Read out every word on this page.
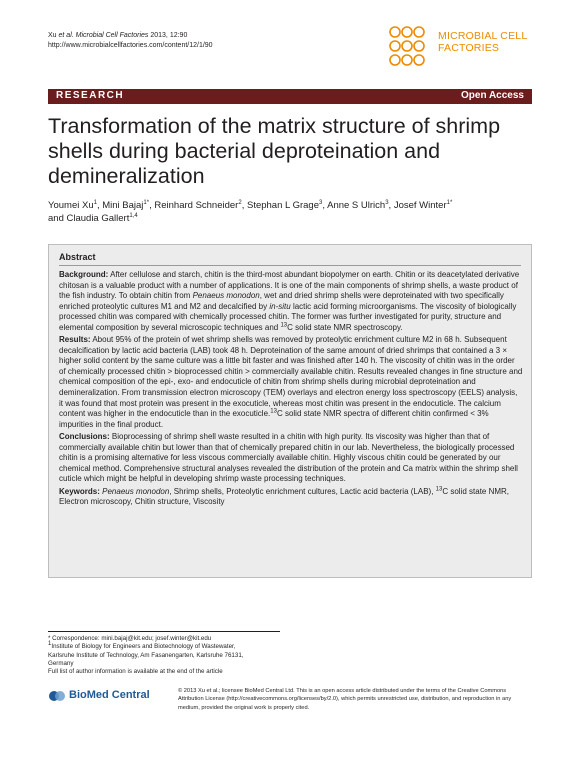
Xu et al. Microbial Cell Factories 2013, 12:90
http://www.microbialcellfactories.com/content/12/1/90
MICROBIAL CELL
FACTORIES
RESEARCH	Open Access
Transformation of the matrix structure of shrimp shells during bacterial deproteination and demineralization
Youmei Xu$^1$, Mini Bajaj$^{1*}$, Reinhard Schneider$^2$, Stephan L Grage$^3$, Anne S Ulrich$^3$, Josef Winter$^{1*}$
and Claudia Gallert$^{1,4}$
Abstract

Background: After cellulose and starch, chitin is the third-most abundant biopolymer on earth. Chitin or its deacetylated derivative chitosan is a valuable product with a number of applications. It is one of the main components of shrimp shells, a waste product of the fish industry. To obtain chitin from Penaeus monodon, wet and dried shrimp shells were deproteinated with two specifically enriched proteolytic cultures M1 and M2 and decalcified by in-situ lactic acid forming microorganisms. The viscosity of biologically processed chitin was compared with chemically processed chitin. The former was further investigated for purity, structure and elemental composition by several microscopic techniques and $^{13}$C solid state NMR spectroscopy.

Results: About 95% of the protein of wet shrimp shells was removed by proteolytic enrichment culture M2 in 68 h. Subsequent decalcification by lactic acid bacteria (LAB) took 48 h. Deproteination of the same amount of dried shrimps that contained a 3 × higher solid content by the same culture was a little bit faster and was finished after 140 h. The viscosity of chitin was in the order of chemically processed chitin > bioprocessed chitin > commercially available chitin. Results revealed changes in fine structure and chemical composition of the epi-, exo- and endocuticle of chitin from shrimp shells during microbial deproteination and demineralization. From transmission electron microscopy (TEM) overlays and electron energy loss spectroscopy (EELS) analysis, it was found that most protein was present in the exocuticle, whereas most chitin was present in the endocuticle. The calcium content was higher in the endocuticle than in the exocuticle.$^{13}$C solid state NMR spectra of different chitin confirmed < 3% impurities in the final product.

Conclusions: Bioprocessing of shrimp shell waste resulted in a chitin with high purity. Its viscosity was higher than that of commercially available chitin but lower than that of chemically prepared chitin in our lab. Nevertheless, the biologically processed chitin is a promising alternative for less viscous commercially available chitin. Highly viscous chitin could be generated by our chemical method. Comprehensive structural analyses revealed the distribution of the protein and Ca matrix within the shrimp shell cuticle which might be helpful in developing shrimp waste processing techniques.

Keywords: Penaeus monodon, Shrimp shells, Proteolytic enrichment cultures, Lactic acid bacteria (LAB), $^{13}$C solid state NMR, Electron microscopy, Chitin structure, Viscosity

* Correspondence: mini.bajaj@kit.edu; josef.winter@kit.edu
$^1$Institute of Biology for Engineers and Biotechnology of Wastewater,
Karlsruhe Institute of Technology, Am Fasanengarten, Karlsruhe 76131,
Germany
Full list of author information is available at the end of the article
BioMed Central	© 2013 Xu et al.; licensee BioMed Central Ltd. This is an open access article distributed under the terms of the Creative Commons Attribution License (http://creativecommons.org/licenses/by/2.0), which permits unrestricted use, distribution, and reproduction in any medium, provided the original work is properly cited.
